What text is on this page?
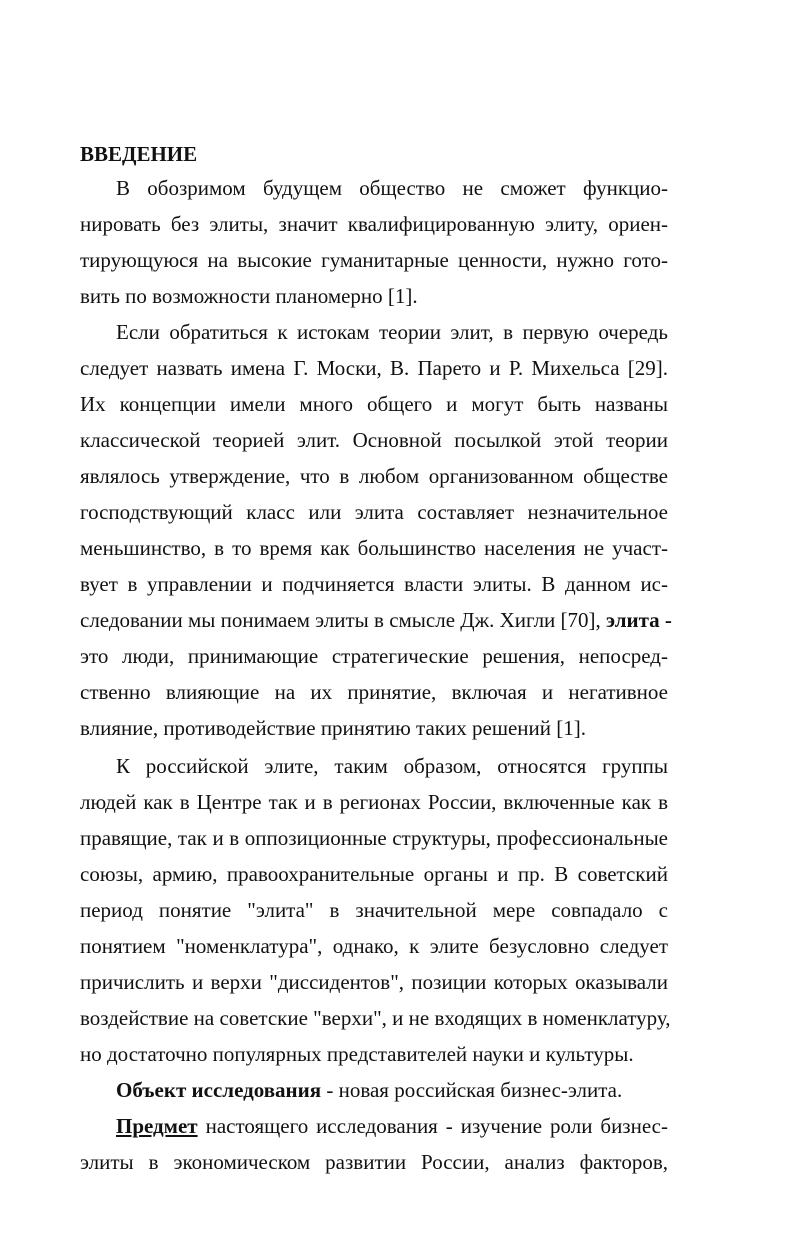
ВВЕДЕНИЕ
В обозримом будущем общество не сможет функцио-
нировать без элиты, значит квалифицированную элиту, ориен-
тирующуюся на высокие гуманитарные ценности, нужно гото-
вить по возможности планомерно [1].
Если обратиться к истокам теории элит, в первую очередь
следует назвать имена Г. Моски, В. Парето и Р. Михельса [29].
Их концепции имели много общего и могут быть названы
классической теорией элит. Основной посылкой этой теории
являлось утверждение, что в любом организованном обществе
господствующий класс или элита составляет незначительное
меньшинство, в то время как большинство населения не участ-
вует в управлении и подчиняется власти элиты. В данном ис-
следовании мы понимаем элиты в смысле Дж. Хигли [70], элита -
это люди, принимающие стратегические решения, непосред-
ственно влияющие на их принятие, включая и негативное
влияние, противодействие принятию таких решений [1].
К российской элите, таким образом, относятся группы
людей как в Центре так и в регионах России, включенные как в
правящие, так и в оппозиционные структуры, профессиональные
союзы, армию, правоохранительные органы и пр. В советский
период понятие "элита" в значительной мере совпадало с
понятием "номенклатура", однако, к элите безусловно следует
причислить и верхи "диссидентов", позиции которых оказывали
воздействие на советские "верхи", и не входящих в номенклатуру,
но достаточно популярных представителей науки и культуры.
Объект исследования - новая российская бизнес-элита.
Предмет настоящего исследования - изучение роли бизнес-
элиты в экономическом развитии России, анализ факторов,
